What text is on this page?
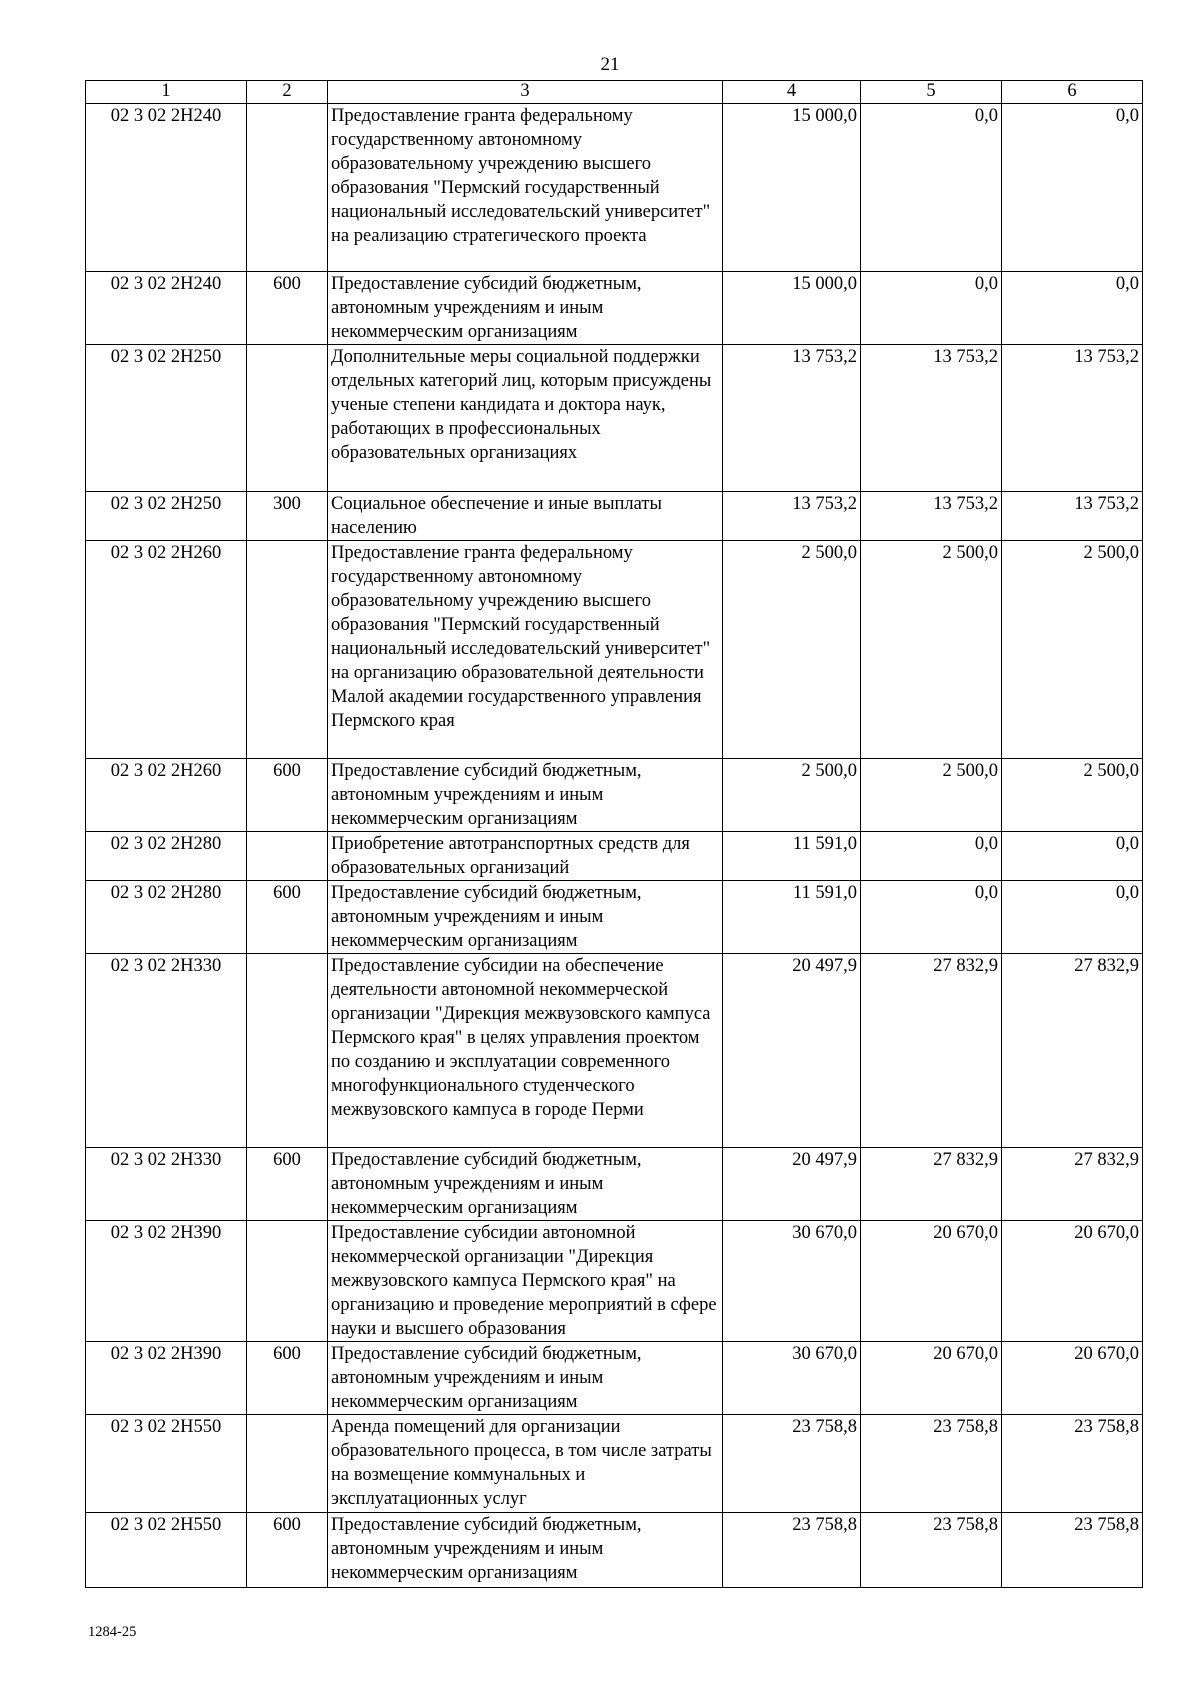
21
1	2	3	4	5	6
02 3 02 2Н240		Предоставление гранта федеральному государственному автономному образовательному учреждению высшего образования "Пермский государственный национальный исследовательский университет" на реализацию стратегического проекта	15 000,0	0,0	0,0
02 3 02 2Н240	600	Предоставление субсидий бюджетным, автономным учреждениям и иным некоммерческим организациям	15 000,0	0,0	0,0
02 3 02 2Н250		Дополнительные меры социальной поддержки отдельных категорий лиц, которым присуждены ученые степени кандидата и доктора наук, работающих в профессиональных образовательных организациях	13 753,2	13 753,2	13 753,2
02 3 02 2Н250	300	Социальное обеспечение и иные выплаты населению	13 753,2	13 753,2	13 753,2
02 3 02 2Н260		Предоставление гранта федеральному государственному автономному образовательному учреждению высшего образования "Пермский государственный национальный исследовательский университет" на организацию образовательной деятельности Малой академии государственного управления Пермского края	2 500,0	2 500,0	2 500,0
02 3 02 2Н260	600	Предоставление субсидий бюджетным, автономным учреждениям и иным некоммерческим организациям	2 500,0	2 500,0	2 500,0
02 3 02 2Н280		Приобретение автотранспортных средств для образовательных организаций	11 591,0	0,0	0,0
02 3 02 2Н280	600	Предоставление субсидий бюджетным, автономным учреждениям и иным некоммерческим организациям	11 591,0	0,0	0,0
02 3 02 2Н330		Предоставление субсидии на обеспечение деятельности автономной некоммерческой организации "Дирекция межвузовского кампуса Пермского края" в целях управления проектом по созданию и эксплуатации современного многофункционального студенческого межвузовского кампуса в городе Перми	20 497,9	27 832,9	27 832,9
02 3 02 2Н330	600	Предоставление субсидий бюджетным, автономным учреждениям и иным некоммерческим организациям	20 497,9	27 832,9	27 832,9
02 3 02 2Н390		Предоставление субсидии автономной некоммерческой организации "Дирекция межвузовского кампуса Пермского края" на организацию и проведение мероприятий в сфере науки и высшего образования	30 670,0	20 670,0	20 670,0
02 3 02 2Н390	600	Предоставление субсидий бюджетным, автономным учреждениям и иным некоммерческим организациям	30 670,0	20 670,0	20 670,0
02 3 02 2Н550		Аренда помещений для организации образовательного процесса, в том числе затраты на возмещение коммунальных и эксплуатационных услуг	23 758,8	23 758,8	23 758,8
02 3 02 2Н550	600	Предоставление субсидий бюджетным, автономным учреждениям и иным некоммерческим организациям	23 758,8	23 758,8	23 758,8
1284-25
